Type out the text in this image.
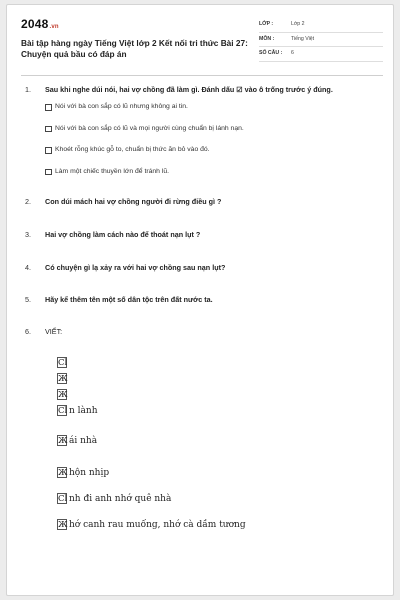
2048.vn
Bài tập hàng ngày Tiếng Việt lớp 2 Kết nối tri thức Bài 27: Chuyện quả bầu có đáp án
LỚP :	Lớp 2
MÔN :	Tiếng Việt
SỐ CÂU : 6
1. Sau khi nghe dúi nói, hai vợ chồng đã làm gì. Đánh dấu ☑ vào ô trống trước ý đúng.
Nói với bà con sắp có lũ nhưng không ai tin.
Nói với bà con sắp có lũ và mọi người cùng chuẩn bị lánh nạn.
Khoét rỗng khúc gỗ to, chuẩn bị thức ăn bỏ vào đó.
Làm một chiếc thuyền lớn để tránh lũ.
2. Con dúi mách hai vợ chồng người đi rừng điều gì ?
3. Hai vợ chồng làm cách nào để thoát nạn lụt ?
4. Có chuyện gì lạ xảy ra với hai vợ chồng sau nạn lụt?
5. Hãy kể thêm tên một số dân tộc trên đất nước ta.
6. VIẾT:
Cl
Ж
Ж
Cl n lành
Жái nhà
Жhộn nhịp
Cl nh đi anh nhớ quê nhà
Жhớ canh rau muống, nhớ cà dầm tương
